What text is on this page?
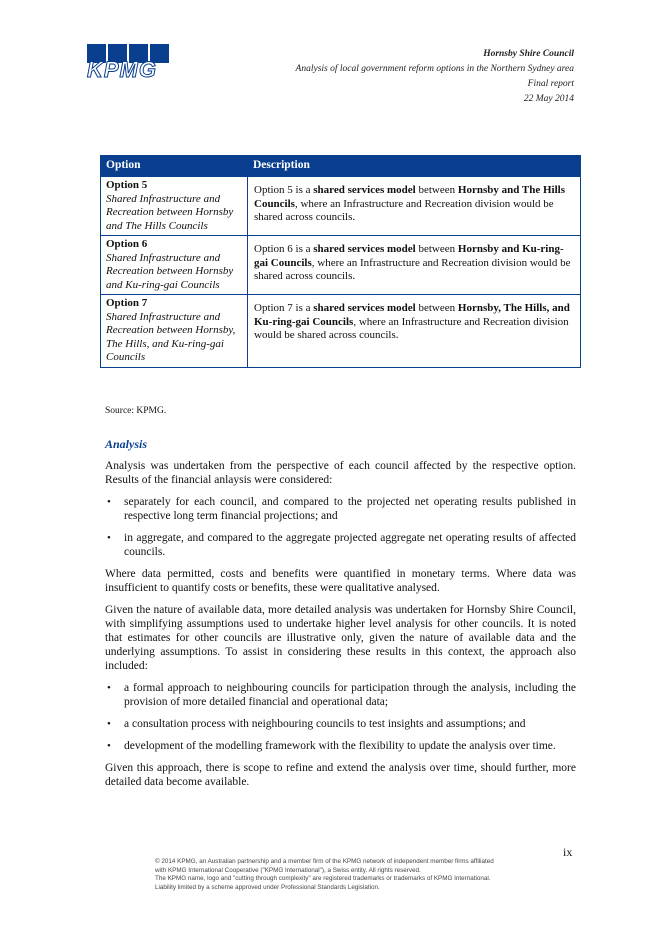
KPMG
Hornsby Shire Council
Analysis of local government reform options in the Northern Sydney area
Final report
22 May 2014
Option	Description

Option 5
Shared Infrastructure and Recreation between Hornsby and The Hills Councils	Option 5 is a shared services model between Hornsby and The Hills Councils, where an Infrastructure and Recreation division would be shared across councils.

Option 6
Shared Infrastructure and Recreation between Hornsby and Ku-ring-gai Councils	Option 6 is a shared services model between Hornsby and Ku-ring-gai Councils, where an Infrastructure and Recreation division would be shared across councils.

Option 7
Shared Infrastructure and Recreation between Hornsby, The Hills, and Ku-ring-gai Councils	Option 7 is a shared services model between Hornsby, The Hills, and Ku-ring-gai Councils, where an Infrastructure and Recreation division would be shared across councils.
Source: KPMG.
Analysis

Analysis was undertaken from the perspective of each council affected by the respective option. Results of the financial anlaysis were considered:

• separately for each council, and compared to the projected net operating results published in respective long term financial projections; and
• in aggregate, and compared to the aggregate projected aggregate net operating results of affected councils.

Where data permitted, costs and benefits were quantified in monetary terms. Where data was insufficient to quantify costs or benefits, these were qualitative analysed.

Given the nature of available data, more detailed analysis was undertaken for Hornsby Shire Council, with simplifying assumptions used to undertake higher level analysis for other councils. It is noted that estimates for other councils are illustrative only, given the nature of available data and the underlying assumptions. To assist in considering these results in this context, the approach also included:

• a formal approach to neighbouring councils for participation through the analysis, including the provision of more detailed financial and operational data;
• a consultation process with neighbouring councils to test insights and assumptions; and
• development of the modelling framework with the flexibility to update the analysis over time.

Given this approach, there is scope to refine and extend the analysis over time, should further, more detailed data become available.

ix
© 2014 KPMG, an Australian partnership and a member firm of the KPMG network of independent member firms affiliated
with KPMG International Cooperative ("KPMG International"), a Swiss entity. All rights reserved.
The KPMG name, logo and "cutting through complexity" are registered trademarks or trademarks of KPMG International.
Liability limited by a scheme approved under Professional Standards Legislation.
